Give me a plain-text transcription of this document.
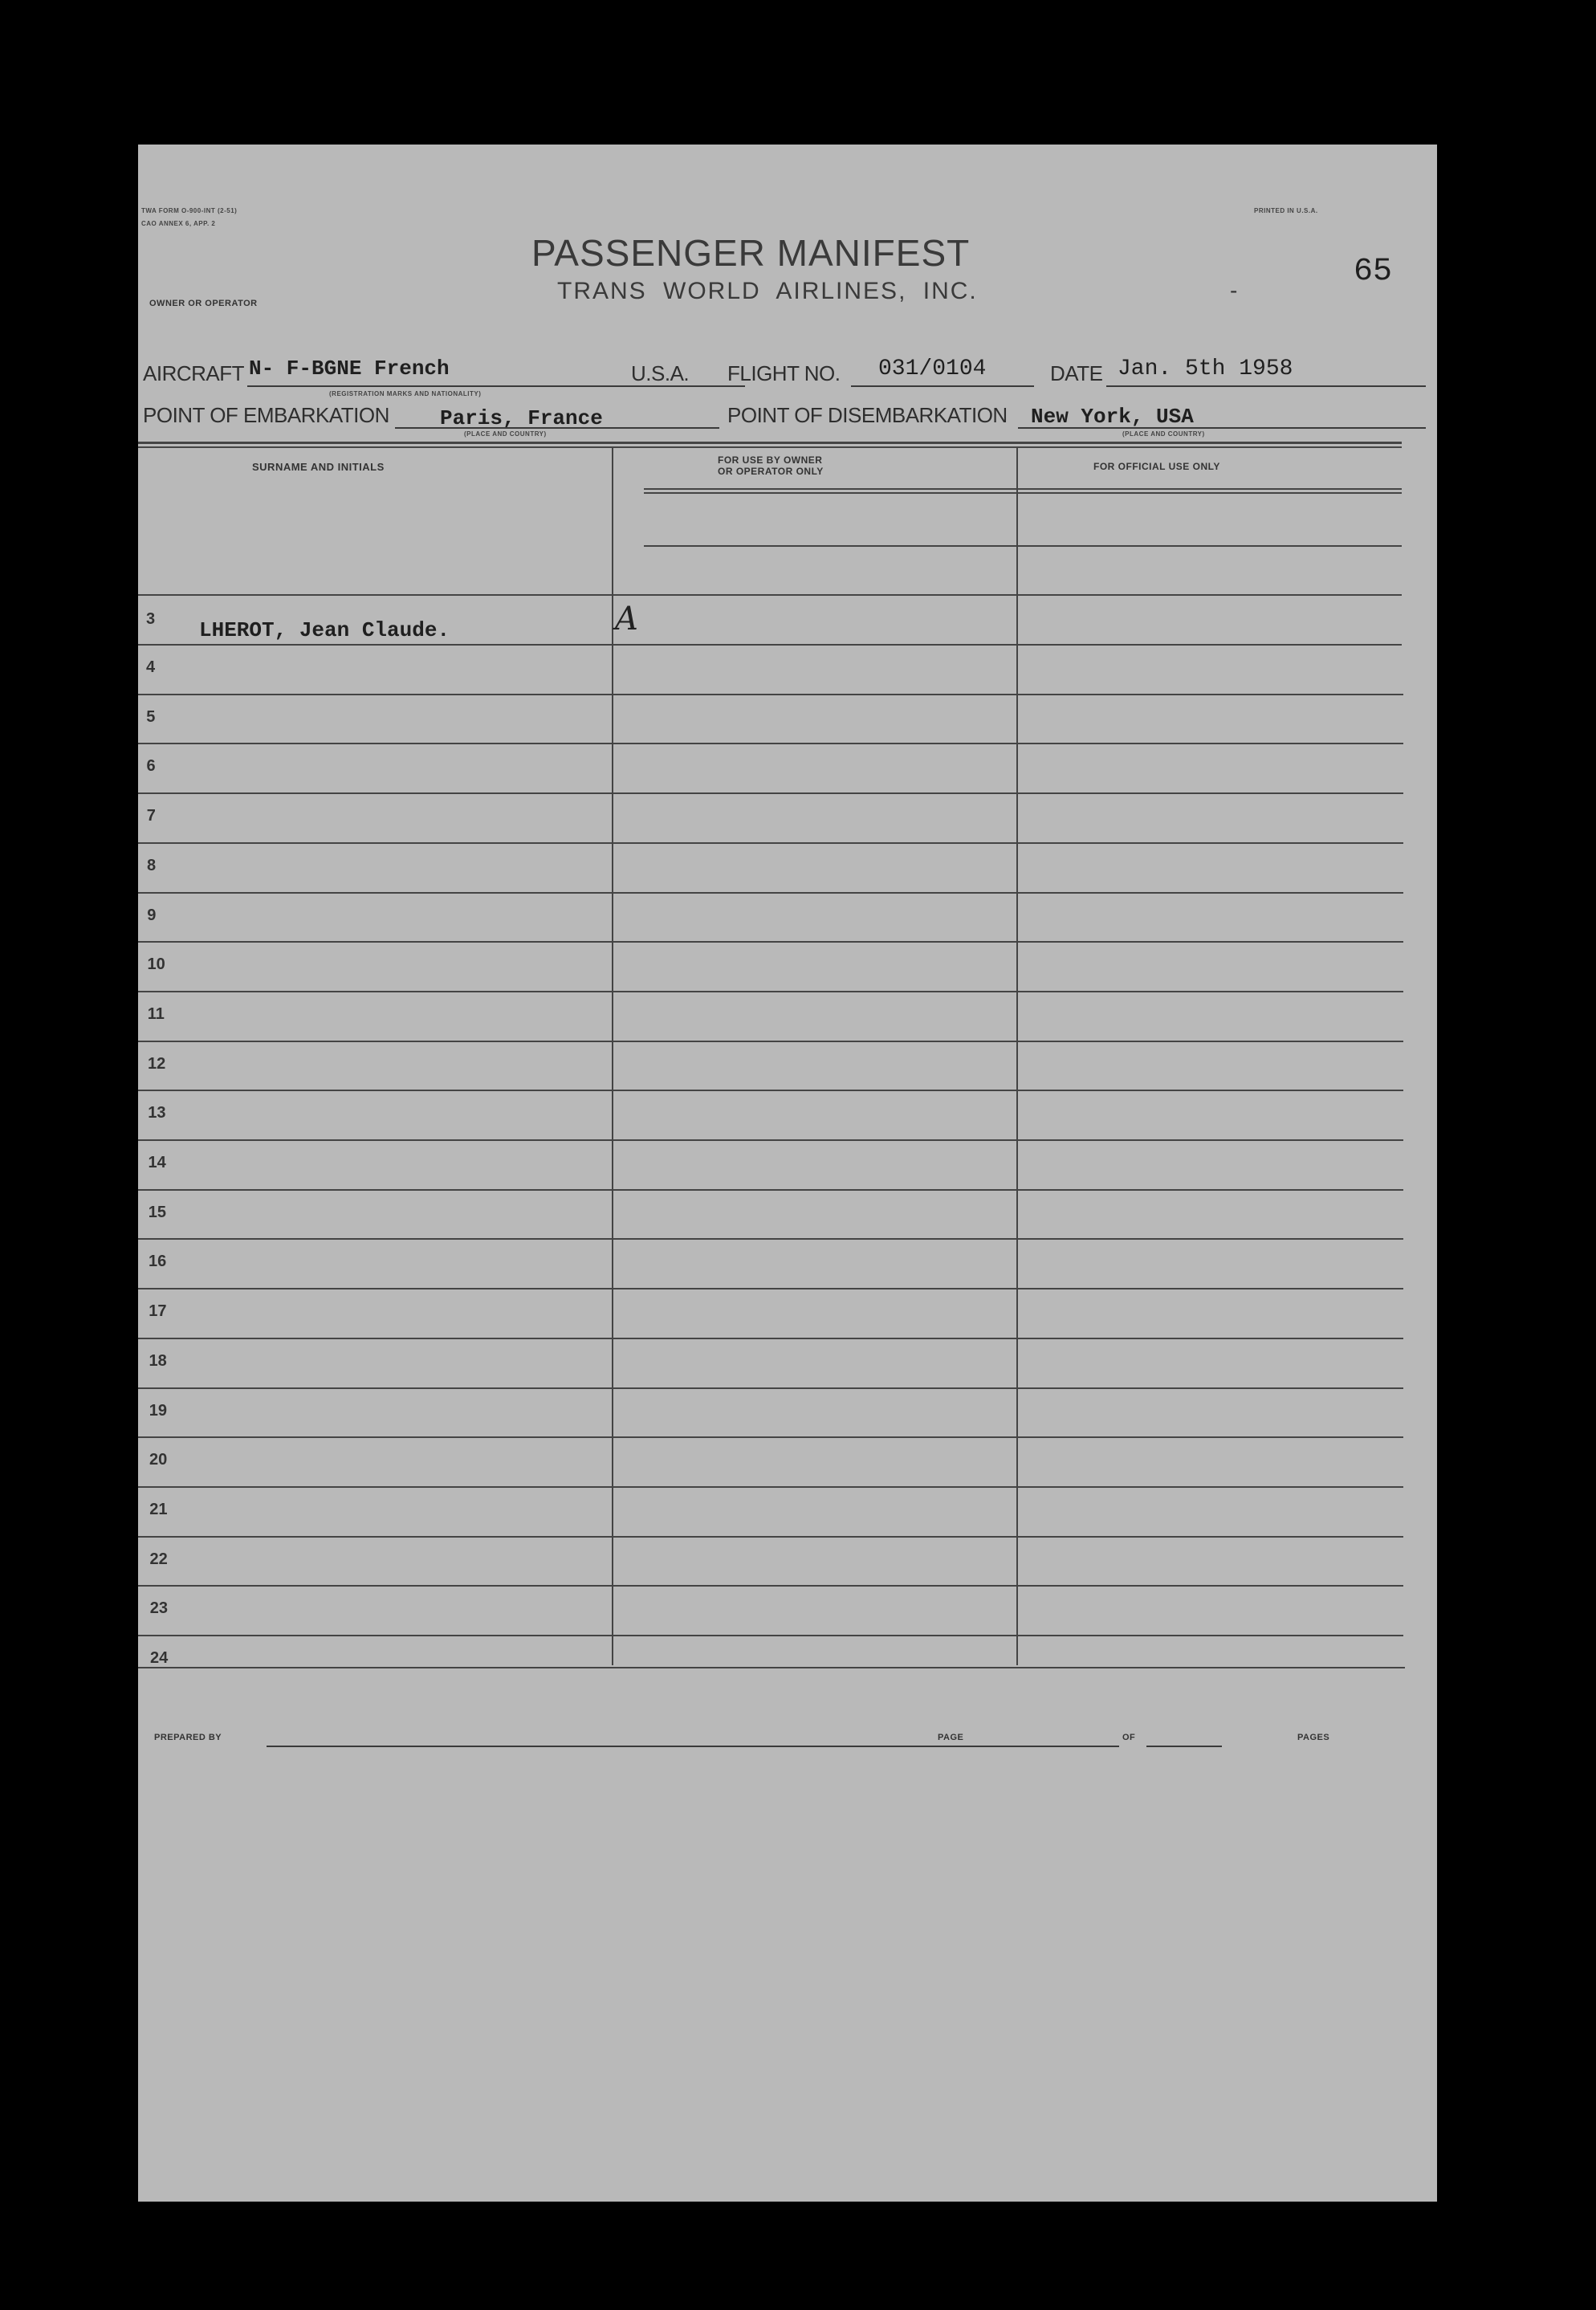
TWA FORM O-900-INT (2-51)
CAO ANNEX 6, APP. 2
PRINTED IN U.S.A.
PASSENGER MANIFEST
TRANS WORLD AIRLINES, INC.
OWNER OR OPERATOR
-
65
AIRCRAFT N- F-BGNE French
(REGISTRATION MARKS AND NATIONALITY)
U.S.A. FLIGHT NO. 031/0104	DATE Jan. 5th 1958
POINT OF EMBARKATION Paris, France
(PLACE AND COUNTRY)
POINT OF DISEMBARKATION New York, USA
(PLACE AND COUNTRY)
SURNAME AND INITIALS
FOR USE BY OWNER
OR OPERATOR ONLY	FOR OFFICIAL USE ONLY
3 LHEROT, Jean Claude.	A
4
5
6
7
8
9
10
11
12
13
14
15
16
17
18
19
20
21
22
23
24
PREPARED BY	PAGE	OF	PAGES
